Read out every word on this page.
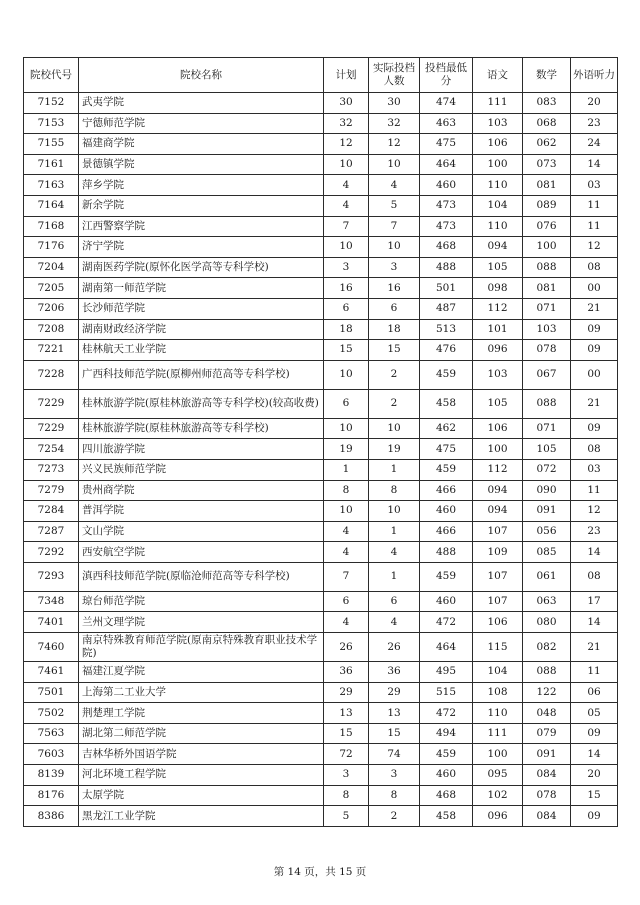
院校代号	院校名称	计划	实际投档人数	投档最低分	语文	数学	外语听力
7152	武夷学院	30	30	474	111	083	20
7153	宁德师范学院	32	32	463	103	068	23
7155	福建商学院	12	12	475	106	062	24
7161	景德镇学院	10	10	464	100	073	14
7163	萍乡学院	4	4	460	110	081	03
7164	新余学院	4	5	473	104	089	11
7168	江西警察学院	7	7	473	110	076	11
7176	济宁学院	10	10	468	094	100	12
7204	湖南医药学院(原怀化医学高等专科学校)	3	3	488	105	088	08
7205	湖南第一师范学院	16	16	501	098	081	00
7206	长沙师范学院	6	6	487	112	071	21
7208	湖南财政经济学院	18	18	513	101	103	09
7221	桂林航天工业学院	15	15	476	096	078	09
7228	广西科技师范学院(原柳州师范高等专科学校)	10	2	459	103	067	00
7229	桂林旅游学院(原桂林旅游高等专科学校)(较高收费)	6	2	458	105	088	21
7229	桂林旅游学院(原桂林旅游高等专科学校)	10	10	462	106	071	09
7254	四川旅游学院	19	19	475	100	105	08
7273	兴义民族师范学院	1	1	459	112	072	03
7279	贵州商学院	8	8	466	094	090	11
7284	普洱学院	10	10	460	094	091	12
7287	文山学院	4	1	466	107	056	23
7292	西安航空学院	4	4	488	109	085	14
7293	滇西科技师范学院(原临沧师范高等专科学校)	7	1	459	107	061	08
7348	琼台师范学院	6	6	460	107	063	17
7401	兰州文理学院	4	4	472	106	080	14
7460	南京特殊教育师范学院(原南京特殊教育职业技术学院)	26	26	464	115	082	21
7461	福建江夏学院	36	36	495	104	088	11
7501	上海第二工业大学	29	29	515	108	122	06
7502	荆楚理工学院	13	13	472	110	048	05
7563	湖北第二师范学院	15	15	494	111	079	09
7603	吉林华桥外国语学院	72	74	459	100	091	14
8139	河北环境工程学院	3	3	460	095	084	20
8176	太原学院	8	8	468	102	078	15
8386	黑龙江工业学院	5	2	458	096	084	09
第 14 页，共 15 页
